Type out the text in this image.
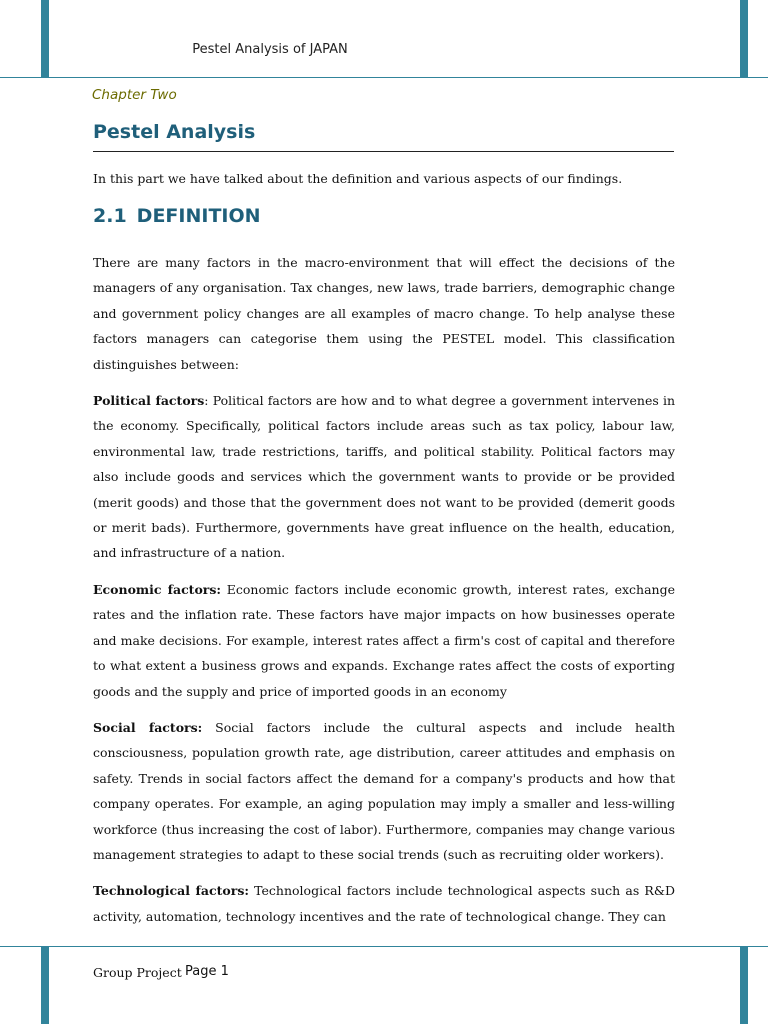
Pestel Analysis of JAPAN
Chapter Two
Pestel Analysis
In this part we have talked about the definition and various aspects of our findings.
2.1 DEFINITION

There are many factors in the macro-environment that will effect the decisions of the managers of any organisation. Tax changes, new laws, trade barriers, demographic change and government policy changes are all examples of macro change. To help analyse these factors managers can categorise them using the PESTEL model. This classification distinguishes between:

Political factors: Political factors are how and to what degree a government intervenes in the economy. Specifically, political factors include areas such as tax policy, labour law, environmental law, trade restrictions, tariffs, and political stability. Political factors may also include goods and services which the government wants to provide or be provided (merit goods) and those that the government does not want to be provided (demerit goods or merit bads). Furthermore, governments have great influence on the health, education, and infrastructure of a nation.

Economic factors: Economic factors include economic growth, interest rates, exchange rates and the inflation rate. These factors have major impacts on how businesses operate and make decisions. For example, interest rates affect a firm's cost of capital and therefore to what extent a business grows and expands. Exchange rates affect the costs of exporting goods and the supply and price of imported goods in an economy

Social factors: Social factors include the cultural aspects and include health consciousness, population growth rate, age distribution, career attitudes and emphasis on safety. Trends in social factors affect the demand for a company's products and how that company operates. For example, an aging population may imply a smaller and less-willing workforce (thus increasing the cost of labor). Furthermore, companies may change various management strategies to adapt to these social trends (such as recruiting older workers).

Technological factors: Technological factors include technological aspects such as R&D activity, automation, technology incentives and the rate of technological change. They can

Group Project Page 1
